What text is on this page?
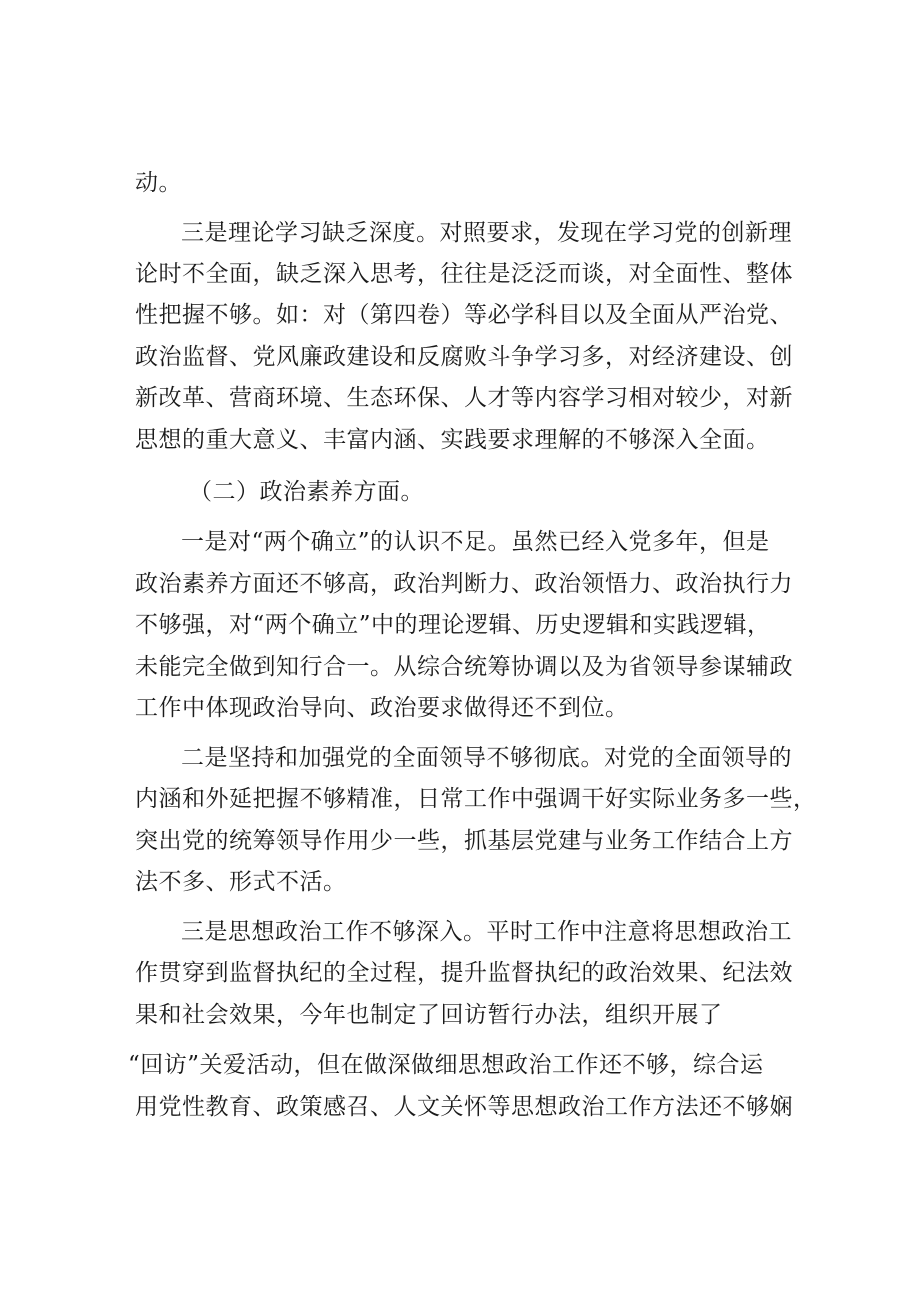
动。
三是理论学习缺乏深度。对照要求，发现在学习党的创新理
论时不全面，缺乏深入思考，往往是泛泛而谈，对全面性、整体
性把握不够。如：对（第四卷）等必学科目以及全面从严治党、
政治监督、党风廉政建设和反腐败斗争学习多，对经济建设、创
新改革、营商环境、生态环保、人才等内容学习相对较少，对新
思想的重大意义、丰富内涵、实践要求理解的不够深入全面。
（二）政治素养方面。
一是对“两个确立”的认识不足。虽然已经入党多年，但是
政治素养方面还不够高，政治判断力、政治领悟力、政治执行力
不够强，对“两个确立”中的理论逻辑、历史逻辑和实践逻辑，
未能完全做到知行合一。从综合统筹协调以及为省领导参谋辅政
工作中体现政治导向、政治要求做得还不到位。
二是坚持和加强党的全面领导不够彻底。对党的全面领导的
内涵和外延把握不够精准，日常工作中强调干好实际业务多一些，
突出党的统筹领导作用少一些，抓基层党建与业务工作结合上方
法不多、形式不活。
三是思想政治工作不够深入。平时工作中注意将思想政治工
作贯穿到监督执纪的全过程，提升监督执纪的政治效果、纪法效
果和社会效果，今年也制定了回访暂行办法，组织开展了
“回访”关爱活动，但在做深做细思想政治工作还不够，综合运
用党性教育、政策感召、人文关怀等思想政治工作方法还不够娴
